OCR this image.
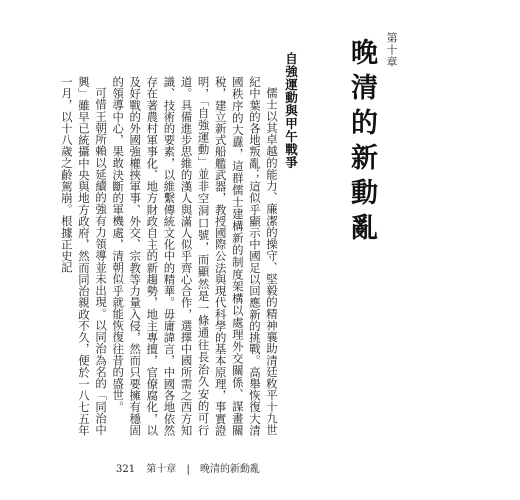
第十章
晚清的新動亂
自強運動與甲午戰爭

儒士以其卓越的能力、廉潔的操守、堅毅的精神襄助清廷敉平十九世紀中葉的各地叛亂；這似乎顯示中國足以回應新的挑戰。高舉恢復大清國秩序的大纛，這群儒士建構新的制度架構以處理外交關係、謀畫關稅，建立新式船艦武器，教授國際公法與現代科學的基本原理，事實證明，「自強運動」並非空洞口號，而顯然是一條通往長治久安的可行道。具備進步思維的漢人與滿人似乎齊心合作，選擇中國所需之西方知識、技術的要素，以維繫傳統文化中的精華。毋庸諱言，中國各地依然存在著農村軍事化、地方財政自主的新趨勢，地主專擅，官僚腐化，以及好戰的外國強權挾軍事、外交、宗教等力量入侵，然而只要擁有穩固的領導中心，果敢決斷的軍機處，清朝似乎就能恢復往昔的盛世。

可惜王朝所賴以延續的強有力領導並未出現。以同治為名的「同治中興」雖早已統攝中央與地方政府，然而同治親政不久，便於一八七五年一月，以十八歲之齡駕崩。根據正史記

321 第十章 | 晚清的新動亂
